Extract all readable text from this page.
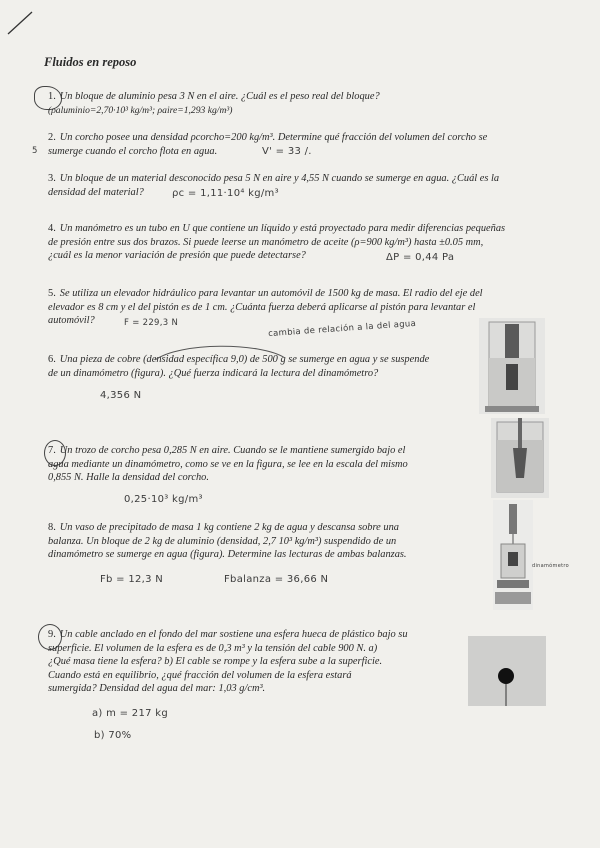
Fluidos en reposo
1. Un bloque de aluminio pesa 3 N en el aire. ¿Cuál es el peso real del bloque?
(ρaluminio=2,70·10³ kg/m³; ρaire=1,293 kg/m³)
2. Un corcho posee una densidad ρcorcho=200 kg/m³. Determine qué fracción del volumen del corcho se
sumerge cuando el corcho flota en agua.
5	V' = 33 /.
3. Un bloque de un material desconocido pesa 5 N en aire y 4,55 N cuando se sumerge en agua. ¿Cuál es la
densidad del material?	ρc = 1,11·10⁴ kg/m³
4. Un manómetro es un tubo en U que contiene un líquido y está proyectado para medir diferencias pequeñas
de presión entre sus dos brazos. Si puede leerse un manómetro de aceite (ρ=900 kg/m³) hasta ±0.05 mm,
¿cuál es la menor variación de presión que puede detectarse?	ΔP = 0,44 Pa
5. Se utiliza un elevador hidráulico para levantar un automóvil de 1500 kg de masa. El radio del eje del
elevador es 8 cm y el del pistón es de 1 cm. ¿Cuánta fuerza deberá aplicarse al pistón para levantar el
automóvil?	F = 229,3 N	cambia de relación a la del agua
6. Una pieza de cobre (densidad específica 9,0) de 500 g se sumerge en agua y se suspende
de un dinamómetro (figura). ¿Qué fuerza indicará la lectura del dinamómetro?
4,356 N
7. Un trozo de corcho pesa 0,285 N en aire. Cuando se le mantiene sumergido bajo el
agua mediante un dinamómetro, como se ve en la figura, se lee en la escala del mismo
0,855 N. Halle la densidad del corcho.
0,25·10³ kg/m³
8. Un vaso de precipitado de masa 1 kg contiene 2 kg de agua y descansa sobre una
balanza. Un bloque de 2 kg de aluminio (densidad, 2,7 10³ kg/m³) suspendido de un
dinamómetro se sumerge en agua (figura). Determine las lecturas de ambas balanzas.
Fb = 12,3 N	Fbalanza = 36,66 N
dinamómetro
9. Un cable anclado en el fondo del mar sostiene una esfera hueca de plástico bajo su
superficie. El volumen de la esfera es de 0,3 m³ y la tensión del cable 900 N. a)
¿Qué masa tiene la esfera? b) El cable se rompe y la esfera sube a la superficie.
Cuando está en equilibrio, ¿qué fracción del volumen de la esfera estará
sumergida? Densidad del agua del mar: 1,03 g/cm³.
a) m = 217 kg
b) 70%
